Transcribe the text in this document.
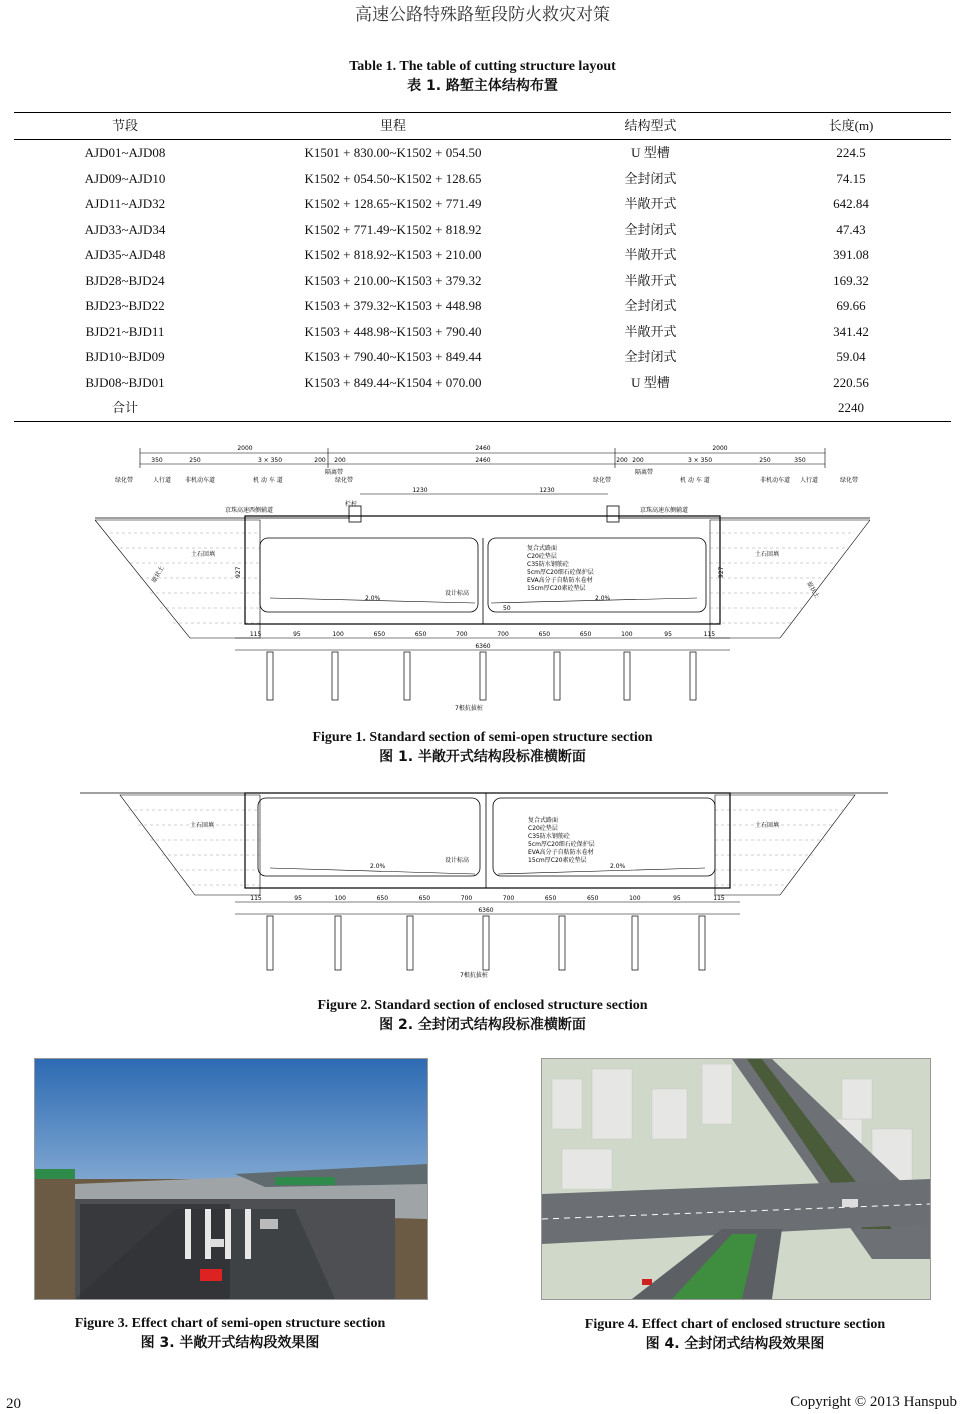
高速公路特殊路堑段防火救灾对策
Table 1. The table of cutting structure layout
表 1. 路堑主体结构布置
节段	里程	结构型式	长度(m)
AJD01~AJD08	K1501 + 830.00~K1502 + 054.50	U 型槽	224.5
AJD09~AJD10	K1502 + 054.50~K1502 + 128.65	全封闭式	74.15
AJD11~AJD32	K1502 + 128.65~K1502 + 771.49	半敞开式	642.84
AJD33~AJD34	K1502 + 771.49~K1502 + 818.92	全封闭式	47.43
AJD35~AJD48	K1502 + 818.92~K1503 + 210.00	半敞开式	391.08
BJD28~BJD24	K1503 + 210.00~K1503 + 379.32	半敞开式	169.32
BJD23~BJD22	K1503 + 379.32~K1503 + 448.98	全封闭式	69.66
BJD21~BJD11	K1503 + 448.98~K1503 + 790.40	半敞开式	341.42
BJD10~BJD09	K1503 + 790.40~K1503 + 849.44	全封闭式	59.04
BJD08~BJD01	K1503 + 849.44~K1504 + 070.00	U 型槽	220.56
合计			2240
2000	2460	2000
2460
350	250	3 × 350	200 200	200 200	3 × 350	250	350
绿化带	人行道 非机动车道	机 动 车 道
隔离带
绿化带	绿化带
隔离带
机 动 车 道	非机动车道 人行道	绿化带
1230	1230
栏杆
京珠高速西侧辅道	京珠高速东侧辅道
土石回填	土石回填
原状土
原状土
927	927
设计标高
2.0%	2.0%
50
复合式路面
C20砼垫层
C35防水钢筋砼
5cm厚C20细石砼保护层
EVA高分子自粘防水卷材
15cm厚C20素砼垫层
115	95	100	650	650	700	700	650	650	100	95	115
6360
7根抗拔桩
Figure 1. Standard section of semi-open structure section
图 1. 半敞开式结构段标准横断面
土石回填	土石回填
设计标高
2.0%	2.0%
复合式路面
C20砼垫层
C35防水钢筋砼
5cm厚C20细石砼保护层
EVA高分子自粘防水卷材
15cm厚C20素砼垫层
115	95	100	650	650	700	700	650	650	100	95	115
6360
7根抗拔桩
Figure 2. Standard section of enclosed structure section
图 2. 全封闭式结构段标准横断面
Figure 3. Effect chart of semi-open structure section
图 3. 半敞开式结构段效果图
Figure 4. Effect chart of enclosed structure section
图 4. 全封闭式结构段效果图
20	Copyright © 2013 Hanspub
